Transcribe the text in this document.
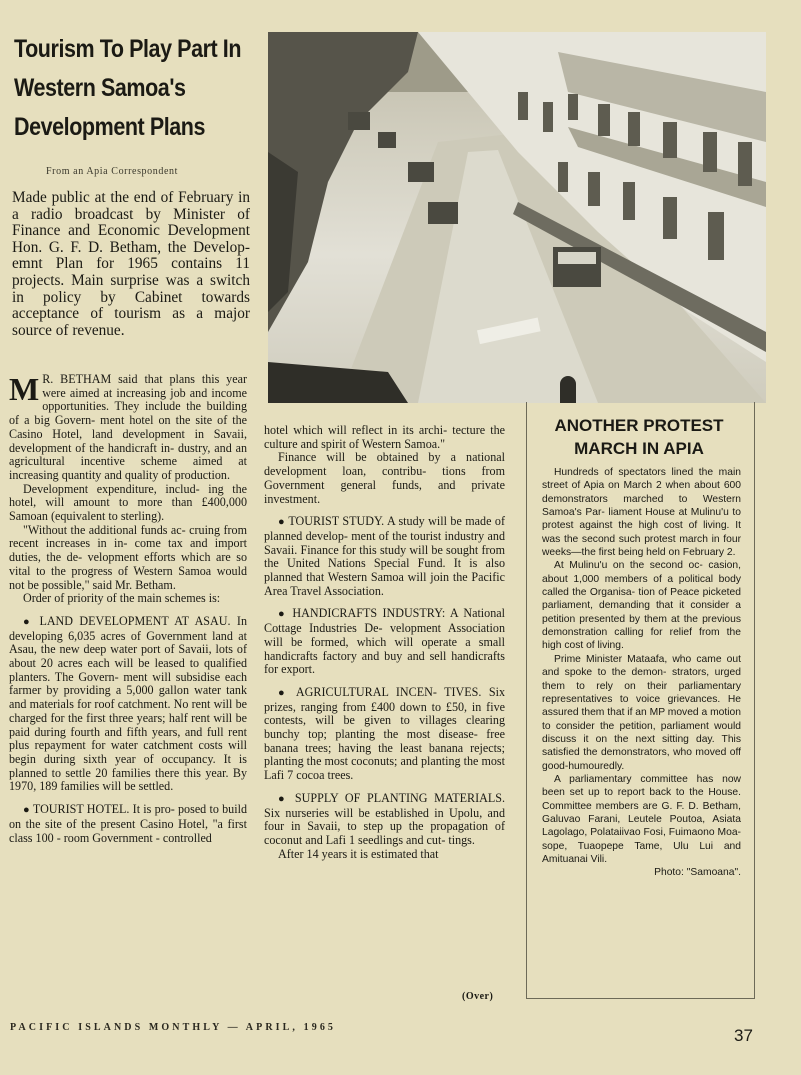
Tourism To Play Part In Western Samoa's Development Plans
From an Apia Correspondent
Made public at the end of February in a radio broadcast by Minister of Finance and Economic Development Hon. G. F. D. Betham, the Develop- emnt Plan for 1965 contains 11 projects. Main surprise was a switch in policy by Cabinet towards acceptance of tourism as a major source of revenue.

M R. BETHAM said that plans this year were aimed at increasing job and income opportunities. They include the building of a big Govern- ment hotel on the site of the Casino Hotel, land development in Savaii, development of the handicraft in- dustry, and an agricultural incentive scheme aimed at increasing quantity and quality of production.

Development expenditure, includ- ing the hotel, will amount to more than £400,000 Samoan (equivalent to sterling).

"Without the additional funds ac- cruing from recent increases in in- come tax and import duties, the de- velopment efforts which are so vital to the progress of Western Samoa would not be possible," said Mr. Betham.

Order of priority of the main schemes is:

● LAND DEVELOPMENT AT ASAU. In developing 6,035 acres of Government land at Asau, the new deep water port of Savaii, lots of about 20 acres each will be leased to qualified planters. The Govern- ment will subsidise each farmer by providing a 5,000 gallon water tank and materials for roof catchment. No rent will be charged for the first three years; half rent will be paid during fourth and fifth years, and full rent plus repayment for water catchment costs will begin during sixth year of occupancy. It is planned to settle 20 families there this year. By 1970, 189 families will be settled.

● TOURIST HOTEL. It is pro- posed to build on the site of the present Casino Hotel, "a first class 100 - room Government - controlled

hotel which will reflect in its archi- tecture the culture and spirit of Western Samoa."

Finance will be obtained by a national development loan, contribu- tions from Government general funds, and private investment.

● TOURIST STUDY. A study will be made of planned develop- ment of the tourist industry and Savaii. Finance for this study will be sought from the United Nations Special Fund. It is also planned that Western Samoa will join the Pacific Area Travel Association.

● HANDICRAFTS INDUSTRY: A National Cottage Industries De- velopment Association will be formed, which will operate a small handicrafts factory and buy and sell handicrafts for export.

● AGRICULTURAL INCEN- TIVES. Six prizes, ranging from £400 down to £50, in five contests, will be given to villages clearing bunchy top; planting the most disease- free banana trees; having the least banana rejects; planting the most coconuts; and planting the most Lafi 7 cocoa trees.

● SUPPLY OF PLANTING MATERIALS. Six nurseries will be established in Upolu, and four in Savaii, to step up the propagation of coconut and Lafi 1 seedlings and cut- tings.

After 14 years it is estimated that

(Over)
ANOTHER PROTEST MARCH IN APIA

Hundreds of spectators lined the main street of Apia on March 2 when about 600 demonstrators marched to Western Samoa's Par- liament House at Mulinu'u to protest against the high cost of living. It was the second such protest march in four weeks—the first being held on February 2.

At Mulinu'u on the second oc- casion, about 1,000 members of a political body called the Organisa- tion of Peace picketed parliament, demanding that it consider a petition presented by them at the previous demonstration calling for relief from the high cost of living.

Prime Minister Mataafa, who came out and spoke to the demon- strators, urged them to rely on their parliamentary representatives to voice grievances. He assured them that if an MP moved a motion to consider the petition, parliament would discuss it on the next sitting day. This satisfied the demonstrators, who moved off good-humouredly.

A parliamentary committee has now been set up to report back to the House. Committee members are G. F. D. Betham, Galuvao Farani, Leutele Poutoa, Asiata Lagolago, Polataiivao Fosi, Fuimaono Moa- sope, Tuaopepe Tame, Ulu Lui and Amituanai Vili.

Photo: "Samoana".

PACIFIC ISLANDS MONTHLY — APRIL, 1965	37
